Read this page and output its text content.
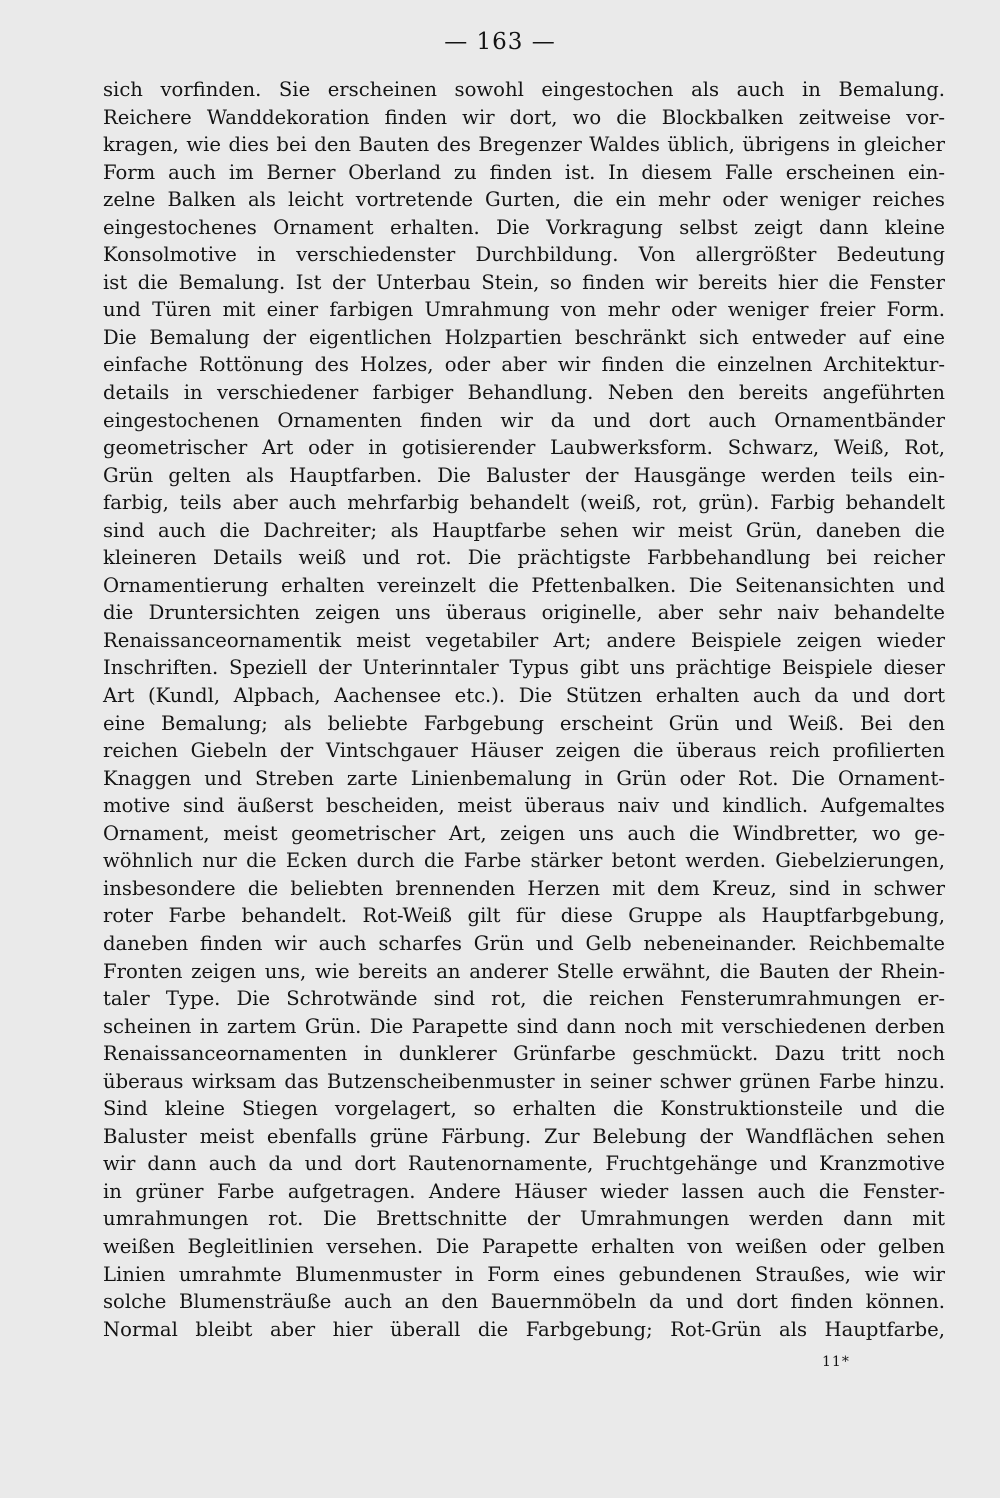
— 163 —
sich vorfinden. Sie erscheinen sowohl eingestochen als auch in Bemalung.
Reichere Wanddekoration finden wir dort, wo die Blockbalken zeitweise vor-
kragen, wie dies bei den Bauten des Bregenzer Waldes üblich, übrigens in gleicher
Form auch im Berner Oberland zu finden ist. In diesem Falle erscheinen ein-
zelne Balken als leicht vortretende Gurten, die ein mehr oder weniger reiches
eingestochenes Ornament erhalten. Die Vorkragung selbst zeigt dann kleine
Konsolmotive in verschiedenster Durchbildung. Von allergrößter Bedeutung
ist die Bemalung. Ist der Unterbau Stein, so finden wir bereits hier die Fenster
und Türen mit einer farbigen Umrahmung von mehr oder weniger freier Form.
Die Bemalung der eigentlichen Holzpartien beschränkt sich entweder auf eine
einfache Rottönung des Holzes, oder aber wir finden die einzelnen Architektur-
details in verschiedener farbiger Behandlung. Neben den bereits angeführten
eingestochenen Ornamenten finden wir da und dort auch Ornamentbänder
geometrischer Art oder in gotisierender Laubwerksform. Schwarz, Weiß, Rot,
Grün gelten als Hauptfarben. Die Baluster der Hausgänge werden teils ein-
farbig, teils aber auch mehrfarbig behandelt (weiß, rot, grün). Farbig behandelt
sind auch die Dachreiter; als Hauptfarbe sehen wir meist Grün, daneben die
kleineren Details weiß und rot. Die prächtigste Farbbehandlung bei reicher
Ornamentierung erhalten vereinzelt die Pfettenbalken. Die Seitenansichten und
die Druntersichten zeigen uns überaus originelle, aber sehr naiv behandelte
Renaissanceornamentik meist vegetabiler Art; andere Beispiele zeigen wieder
Inschriften. Speziell der Unterinntaler Typus gibt uns prächtige Beispiele dieser
Art (Kundl, Alpbach, Aachensee etc.). Die Stützen erhalten auch da und dort
eine Bemalung; als beliebte Farbgebung erscheint Grün und Weiß. Bei den
reichen Giebeln der Vintschgauer Häuser zeigen die überaus reich profilierten
Knaggen und Streben zarte Linienbemalung in Grün oder Rot. Die Ornament-
motive sind äußerst bescheiden, meist überaus naiv und kindlich. Aufgemaltes
Ornament, meist geometrischer Art, zeigen uns auch die Windbretter, wo ge-
wöhnlich nur die Ecken durch die Farbe stärker betont werden. Giebelzierungen,
insbesondere die beliebten brennenden Herzen mit dem Kreuz, sind in schwer
roter Farbe behandelt. Rot-Weiß gilt für diese Gruppe als Hauptfarbgebung,
daneben finden wir auch scharfes Grün und Gelb nebeneinander. Reichbemalte
Fronten zeigen uns, wie bereits an anderer Stelle erwähnt, die Bauten der Rhein-
taler Type. Die Schrotwände sind rot, die reichen Fensterumrahmungen er-
scheinen in zartem Grün. Die Parapette sind dann noch mit verschiedenen derben
Renaissanceornamenten in dunklerer Grünfarbe geschmückt. Dazu tritt noch
überaus wirksam das Butzenscheibenmuster in seiner schwer grünen Farbe hinzu.
Sind kleine Stiegen vorgelagert, so erhalten die Konstruktionsteile und die
Baluster meist ebenfalls grüne Färbung. Zur Belebung der Wandflächen sehen
wir dann auch da und dort Rautenornamente, Fruchtgehänge und Kranzmotive
in grüner Farbe aufgetragen. Andere Häuser wieder lassen auch die Fenster-
umrahmungen rot. Die Brettschnitte der Umrahmungen werden dann mit
weißen Begleitlinien versehen. Die Parapette erhalten von weißen oder gelben
Linien umrahmte Blumenmuster in Form eines gebundenen Straußes, wie wir
solche Blumensträuße auch an den Bauernmöbeln da und dort finden können.
Normal bleibt aber hier überall die Farbgebung; Rot-Grün als Hauptfarbe,
11*
